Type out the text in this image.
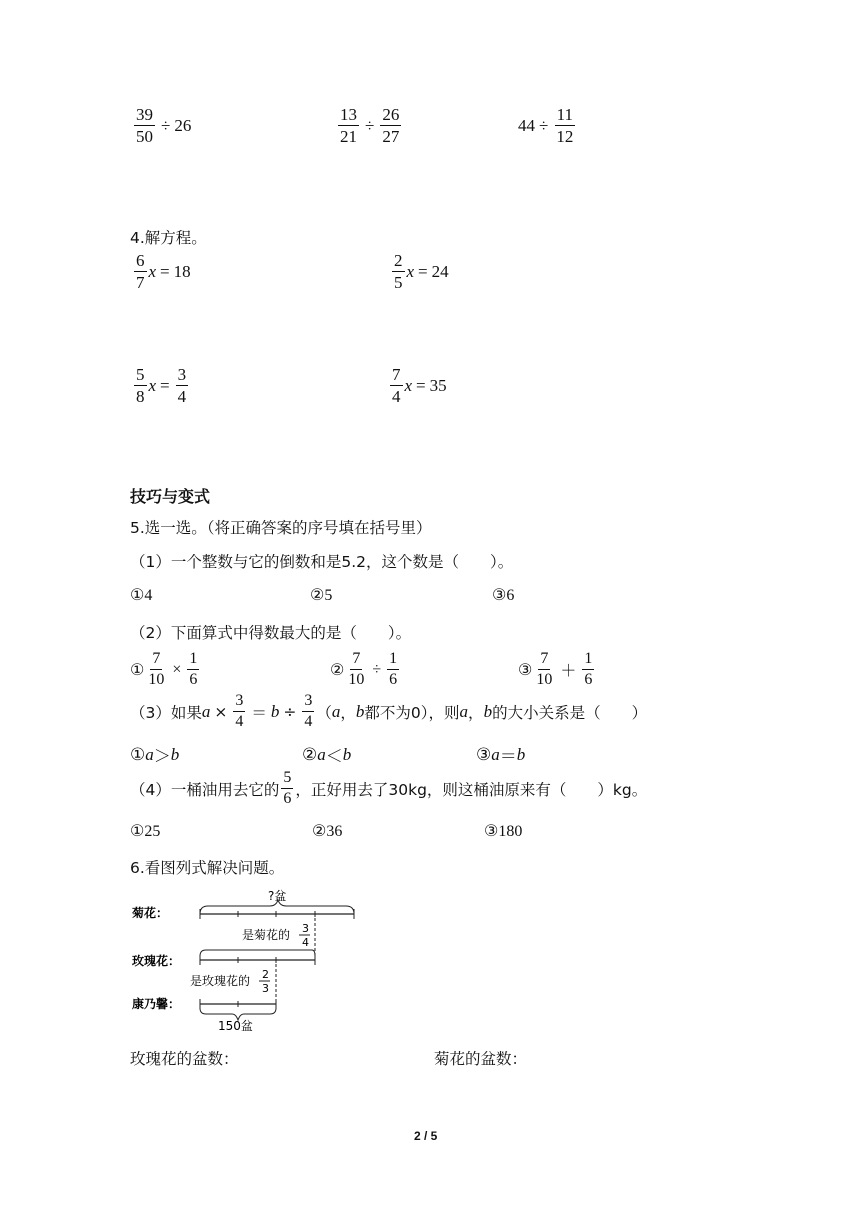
$\frac{39}{50} \div 26$	$\frac{13}{21} \div \frac{26}{27}$	$44 \div \frac{11}{12}$
4.解方程。
$\frac{6}{7}$ x = 18	$\frac{2}{5}$ x = 24
$\frac{5}{8}$ $x = \frac{3}{4}$	$\frac{7}{4}$ x = 35
技巧与变式
5.选一选。（将正确答案的序号填在括号里）
（1）一个整数与它的倒数和是5.2，这个数是（　　）。
①4	②5	③6
（2）下面算式中得数最大的是（　　）。
① $\frac{7}{10} \times \frac{1}{6}$	② $\frac{7}{10} \div \frac{1}{6}$	③ $\frac{7}{10} + \frac{1}{6}$
（3）如果 $a \times \frac{3}{4} = b \div \frac{3}{4}$ （ a ， b 都不为0），则 a ， b 的大小关系是（　　）
① a ＞ b	② a ＜ b	③ a ＝ b
（4）一桶油用去它的 $\frac{5}{6}$ ，正好用去了30kg，则这桶油原来有（　　）kg。
①25	②36	③180
6.看图列式解决问题。
菊花：
玫瑰花：
康乃馨：
?盆
是菊花的 3
4
是玫瑰花的 2
3
150盆
玫瑰花的盆数：	菊花的盆数：
2 / 5
